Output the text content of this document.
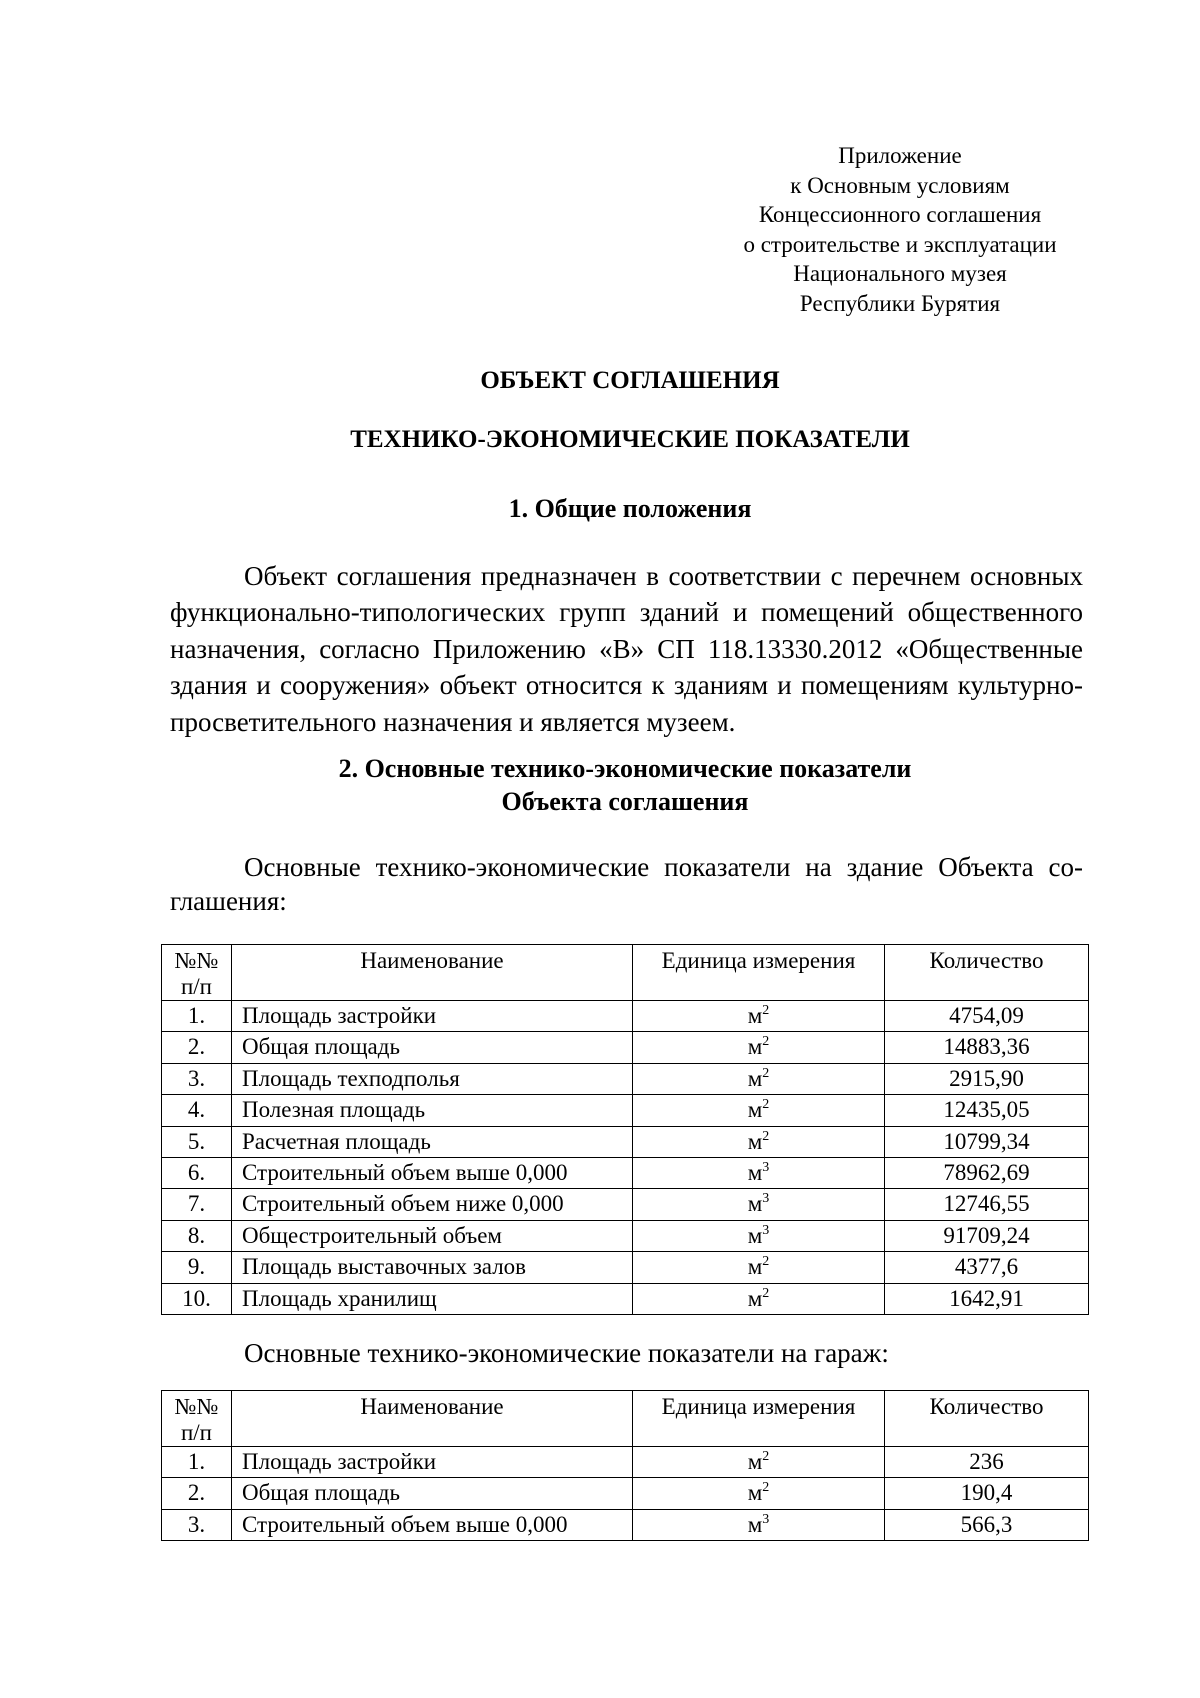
Приложение
к Основным условиям
Концессионного соглашения
о строительстве и эксплуатации
Национального музея
Республики Бурятия
ОБЪЕКТ СОГЛАШЕНИЯ
ТЕХНИКО-ЭКОНОМИЧЕСКИЕ ПОКАЗАТЕЛИ
1. Общие положения

Объект соглашения предназначен в соответствии с перечнем основных функционально-типологических групп зданий и помещений общественного назначения, согласно Приложению «В» СП 118.13330.2012 «Общественные здания и сооружения» объект относится к зданиям и помещениям культурно-просветительного назначения и является музеем.

2. Основные технико-экономические показатели
Объекта соглашения

Основные технико-экономические показатели на здание Объекта соглашения:

№№
п/п	Наименование	Единица измерения	Количество
1.	Площадь застройки	$м^2$	4754,09
2.	Общая площадь	$м^2$	14883,36
3.	Площадь техподполья	$м^2$	2915,90
4.	Полезная площадь	$м^2$	12435,05
5.	Расчетная площадь	$м^2$	10799,34
6.	Строительный объем выше 0,000	$м^3$	78962,69
7.	Строительный объем ниже 0,000	$м^3$	12746,55
8.	Общестроительный объем	$м^3$	91709,24
9.	Площадь выставочных залов	$м^2$	4377,6
10.	Площадь хранилищ	$м^2$	1642,91

Основные технико-экономические показатели на гараж:

№№
п/п	Наименование	Единица измерения	Количество
1.	Площадь застройки	$м^2$	236
2.	Общая площадь	$м^2$	190,4
3.	Строительный объем выше 0,000	$м^3$	566,3
